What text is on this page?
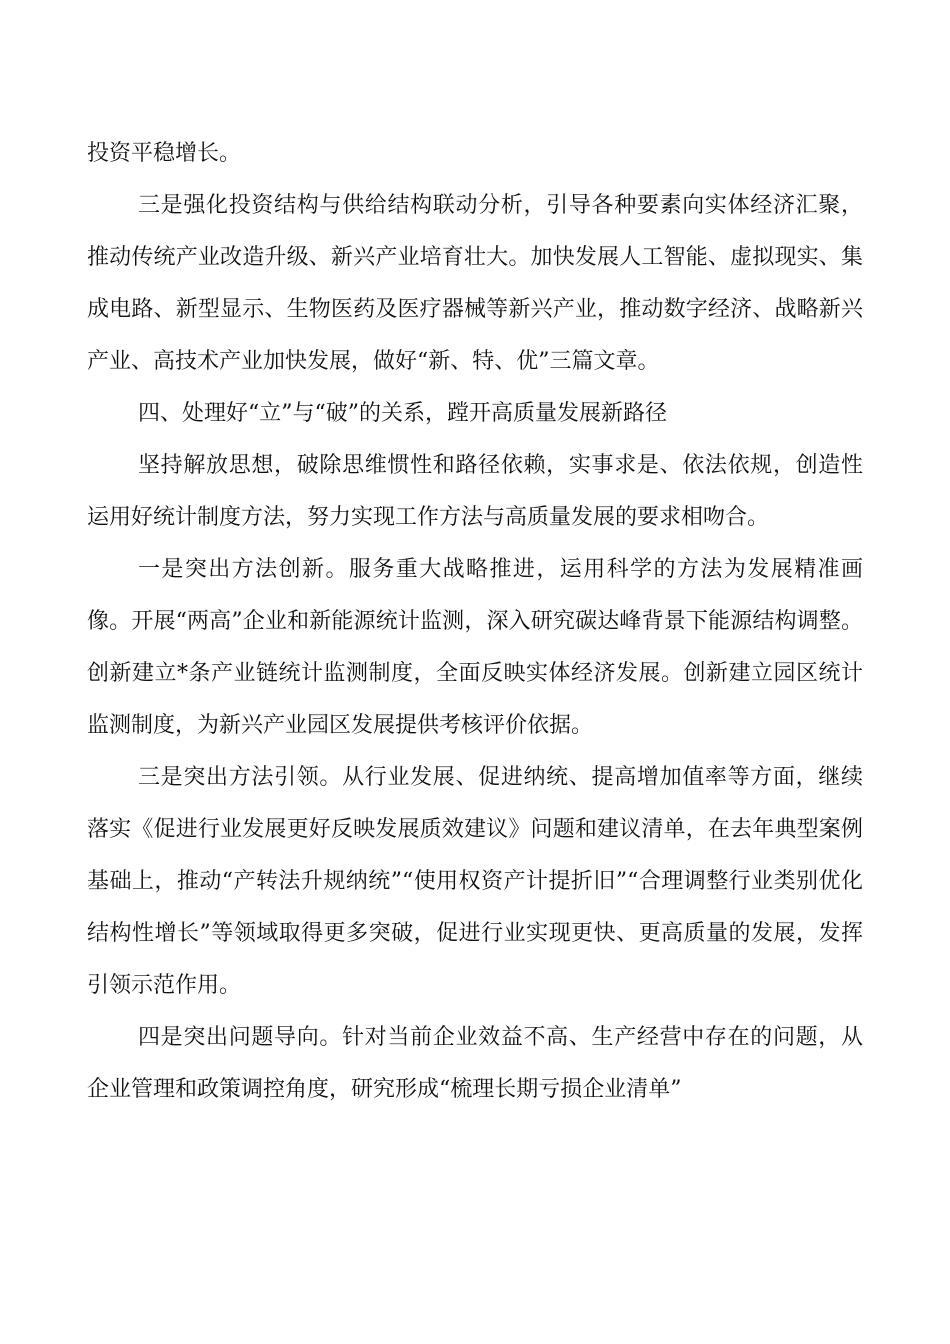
投资平稳增长。

三是强化投资结构与供给结构联动分析，引导各种要素向实体经济汇聚，推动传统产业改造升级、新兴产业培育壮大。加快发展人工智能、虚拟现实、集成电路、新型显示、生物医药及医疗器械等新兴产业，推动数字经济、战略新兴产业、高技术产业加快发展，做好“新、特、优”三篇文章。

四、处理好“立”与“破”的关系，蹚开高质量发展新路径

坚持解放思想，破除思维惯性和路径依赖，实事求是、依法依规，创造性运用好统计制度方法，努力实现工作方法与高质量发展的要求相吻合。

一是突出方法创新。服务重大战略推进，运用科学的方法为发展精准画像。开展“两高”企业和新能源统计监测，深入研究碳达峰背景下能源结构调整。创新建立*条产业链统计监测制度，全面反映实体经济发展。创新建立园区统计监测制度，为新兴产业园区发展提供考核评价依据。

三是突出方法引领。从行业发展、促进纳统、提高增加值率等方面，继续落实《促进行业发展更好反映发展质效建议》问题和建议清单，在去年典型案例基础上，推动“产转法升规纳统”“使用权资产计提折旧”“合理调整行业类别优化结构性增长”等领域取得更多突破，促进行业实现更快、更高质量的发展，发挥引领示范作用。

四是突出问题导向。针对当前企业效益不高、生产经营中存在的问题，从企业管理和政策调控角度，研究形成“梳理长期亏损企业清单”
